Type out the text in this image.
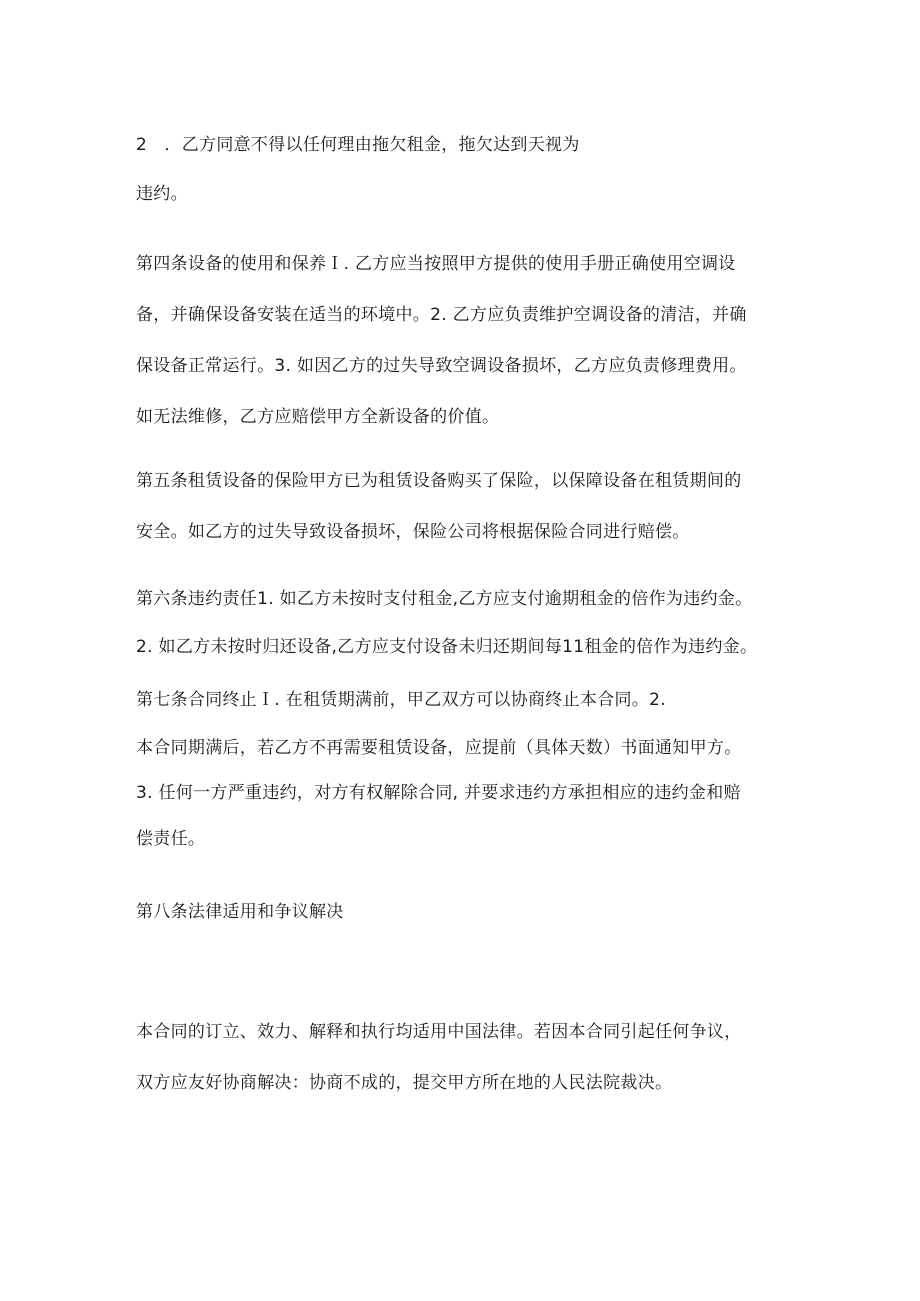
2　．乙方同意不得以任何理由拖欠租金，拖欠达到天视为
违约。
第四条设备的使用和保养Ｉ. 乙方应当按照甲方提供的使用手册正确使用空调设
备，并确保设备安装在适当的环境中。2. 乙方应负责维护空调设备的清洁，并确
保设备正常运行。3. 如因乙方的过失导致空调设备损坏，乙方应负责修理费用。
如无法维修，乙方应赔偿甲方全新设备的价值。
第五条租赁设备的保险甲方已为租赁设备购买了保险，以保障设备在租赁期间的
安全。如乙方的过失导致设备损坏，保险公司将根据保险合同进行赔偿。
第六条违约责任1. 如乙方未按时支付租金,乙方应支付逾期租金的倍作为违约金。
2. 如乙方未按时归还设备,乙方应支付设备未归还期间每11租金的倍作为违约金。
第七条合同终止Ｉ. 在租赁期满前，甲乙双方可以协商终止本合同。2.
本合同期满后，若乙方不再需要租赁设备，应提前（具体天数）书面通知甲方。
3. 任何一方严重违约，对方有权解除合同, 并要求违约方承担相应的违约金和赔
偿责任。
第八条法律适用和争议解决
本合同的订立、效力、解释和执行均适用中国法律。若因本合同引起任何争议，
双方应友好协商解决：协商不成的，提交甲方所在地的人民法院裁决。
